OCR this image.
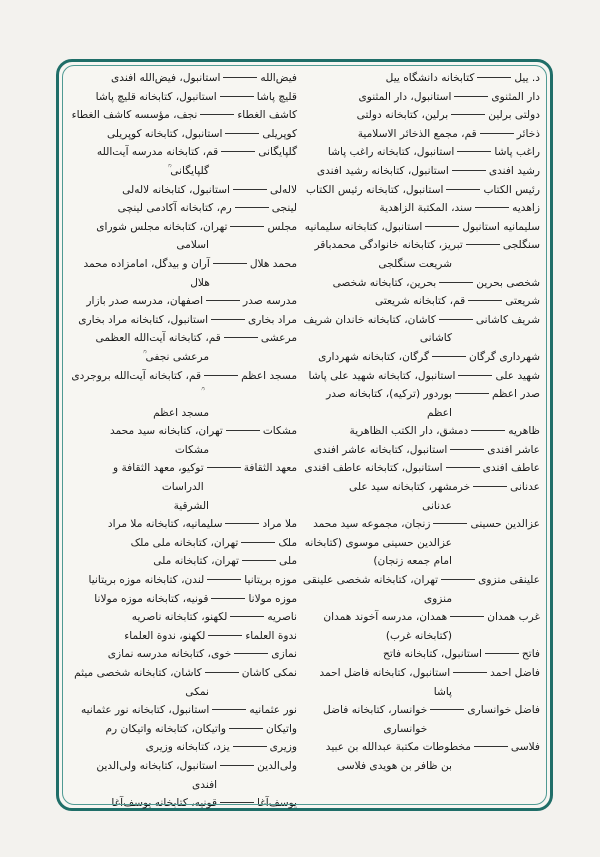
د. ییل
کتابخانه دانشگاه ییل
دار المثنوی
استانبول، دار المثنوی
دولتی برلین
برلین، کتابخانه دولتی
ذخائر
قم، مجمع الذخائر الاسلامیة
راغب پاشا
استانبول، کتابخانه راغب پاشا
رشید افندی
استانبول، کتابخانه رشید افندی
رئیس الکتاب
استانبول، کتابخانه رئیس الکتاب
زاهدیه
سند، المکتبة الزاهدیة
سلیمانیه استانبول
استانبول، کتابخانه سلیمانیه
سنگلجی
تبریز، کتابخانه خانوادگی محمدباقر
شریعت سنگلجی
شخصی بحرین
بحرین، کتابخانه شخصی
شریعتی
قم، کتابخانه شریعتی
شریف کاشانی
کاشان، کتابخانه خاندان شریف
کاشانی
شهرداری گرگان
گرگان، کتابخانه شهرداری
شهید علی
استانبول، کتابخانه شهید علی پاشا
صدر اعظم
بوردور (ترکیه)، کتابخانه صدر اعظم
ظاهریه
دمشق، دار الکتب الظاهریة
عاشر افندی
استانبول، کتابخانه عاشر افندی
عاطف افندی
استانبول، کتابخانه عاطف افندی
عدنانی
خرمشهر، کتابخانه سید علی
عدنانی
عزالدین حسینی
زنجان، مجموعه سید محمد
عزالدین حسینی موسوی (کتابخانه
امام جمعه زنجان)
علینقی منزوی
تهران، کتابخانه شخصی علینقی
منزوی
غرب همدان
همدان، مدرسه آخوند همدان
(کتابخانه غرب)
فاتح
استانبول، کتابخانه فاتح
فاضل احمد
استانبول، کتابخانه فاضل احمد
پاشا
فاضل خوانساری
خوانسار، کتابخانه فاضل خوانساری
فلاسی
مخطوطات مکتبة عبدالله بن عبید
بن ظافر بن هویدی فلاسی
فیض‌الله
استانبول، فیض‌الله افندی
قلیچ پاشا
استانبول، کتابخانه قلیچ پاشا
کاشف الغطاء
نجف، مؤسسه کاشف الغطاء
کوپریلی
استانبول، کتابخانه کوپریلی
گلپایگانی
قم، کتابخانه مدرسه آیت‌الله
گلپایگانی ؒ
لاله‌لی
استانبول، کتابخانه لاله‌لی
لینجی
رم، کتابخانه آکادمی لینچی
مجلس
تهران، کتابخانه مجلس شورای
اسلامی
محمد هلال
آران و بیدگل، امامزاده محمد هلال
مدرسه صدر
اصفهان، مدرسه صدر بازار
مراد بخاری
استانبول، کتابخانه مراد بخاری
مرعشی
قم، کتابخانه آیت‌الله العظمی
مرعشی نجفی ؒ
مسجد اعظم
قم، کتابخانه آیت‌الله بروجردی
مسجد اعظم
مشکات
تهران، کتابخانه سید محمد
مشکات
معهد الثقافة
توکیو، معهد الثقافة و الدراسات
الشرقیة
ملا مراد
سلیمانیه، کتابخانه ملا مراد
ملک
تهران، کتابخانه ملی ملک
ملی
تهران، کتابخانه ملی
موزه بریتانیا
لندن، کتابخانه موزه بریتانیا
موزه مولانا
قونیه، کتابخانه موزه مولانا
ناصریه
لکهنو، کتابخانه ناصریه
ندوة العلماء
لکهنو، ندوة العلماء
نمازی
خوی، کتابخانه مدرسه نمازی
نمکی کاشان
کاشان، کتابخانه شخصی میثم
نمکی
نور عثمانیه
استانبول، کتابخانه نور عثمانیه
واتیکان
واتیکان، کتابخانه واتیکان رم
وزیری
یزد، کتابخانه وزیری
ولی‌الدین
استانبول، کتابخانه ولی‌الدین افندی
یوسف‌آغا
قونیه، کتابخانه یوسف‌آغا
